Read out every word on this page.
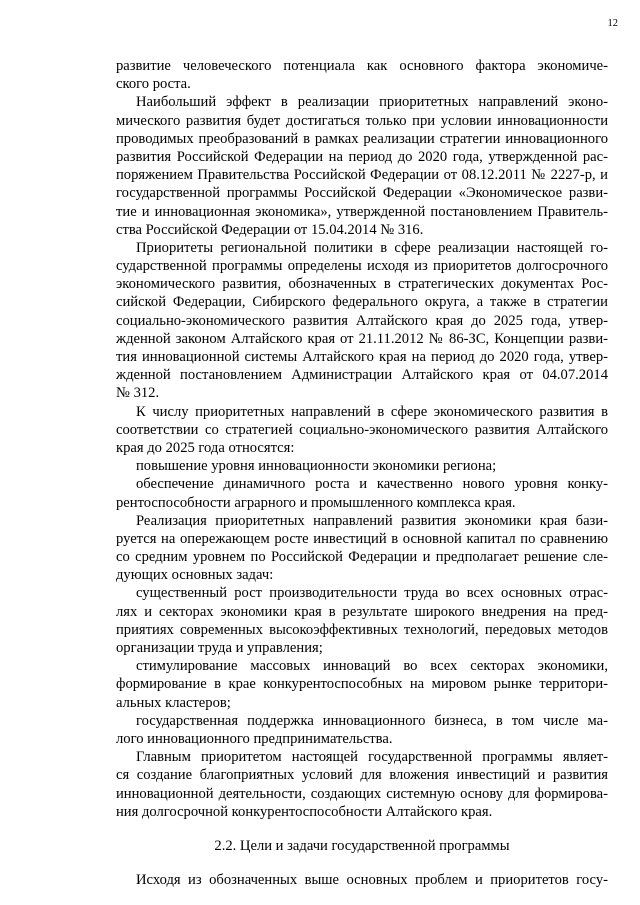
12
развитие человеческого потенциала как основного фактора экономиче-
ского роста.
Наибольший эффект в реализации приоритетных направлений эконо-
мического развития будет достигаться только при условии инновационности
проводимых преобразований в рамках реализации стратегии инновационного
развития Российской Федерации на период до 2020 года, утвержденной рас-
поряжением Правительства Российской Федерации от 08.12.2011 № 2227-р, и
государственной программы Российской Федерации «Экономическое разви-
тие и инновационная экономика», утвержденной постановлением Правитель-
ства Российской Федерации от 15.04.2014 № 316.
Приоритеты региональной политики в сфере реализации настоящей го-
сударственной программы определены исходя из приоритетов долгосрочного
экономического развития, обозначенных в стратегических документах Рос-
сийской Федерации, Сибирского федерального округа, а также в стратегии
социально-экономического развития Алтайского края до 2025 года, утвер-
жденной законом Алтайского края от 21.11.2012 № 86-ЗС, Концепции разви-
тия инновационной системы Алтайского края на период до 2020 года, утвер-
жденной постановлением Администрации Алтайского края от 04.07.2014
№ 312.
К числу приоритетных направлений в сфере экономического развития в
соответствии со стратегией социально-экономического развития Алтайского
края до 2025 года относятся:
повышение уровня инновационности экономики региона;
обеспечение динамичного роста и качественно нового уровня конку-
рентоспособности аграрного и промышленного комплекса края.
Реализация приоритетных направлений развития экономики края бази-
руется на опережающем росте инвестиций в основной капитал по сравнению
со средним уровнем по Российской Федерации и предполагает решение сле-
дующих основных задач:
существенный рост производительности труда во всех основных отрас-
лях и секторах экономики края в результате широкого внедрения на пред-
приятиях современных высокоэффективных технологий, передовых методов
организации труда и управления;
стимулирование массовых инноваций во всех секторах экономики,
формирование в крае конкурентоспособных на мировом рынке территори-
альных кластеров;
государственная поддержка инновационного бизнеса, в том числе ма-
лого инновационного предпринимательства.
Главным приоритетом настоящей государственной программы являет-
ся создание благоприятных условий для вложения инвестиций и развития
инновационной деятельности, создающих системную основу для формирова-
ния долгосрочной конкурентоспособности Алтайского края.
2.2. Цели и задачи государственной программы
Исходя из обозначенных выше основных проблем и приоритетов госу-
